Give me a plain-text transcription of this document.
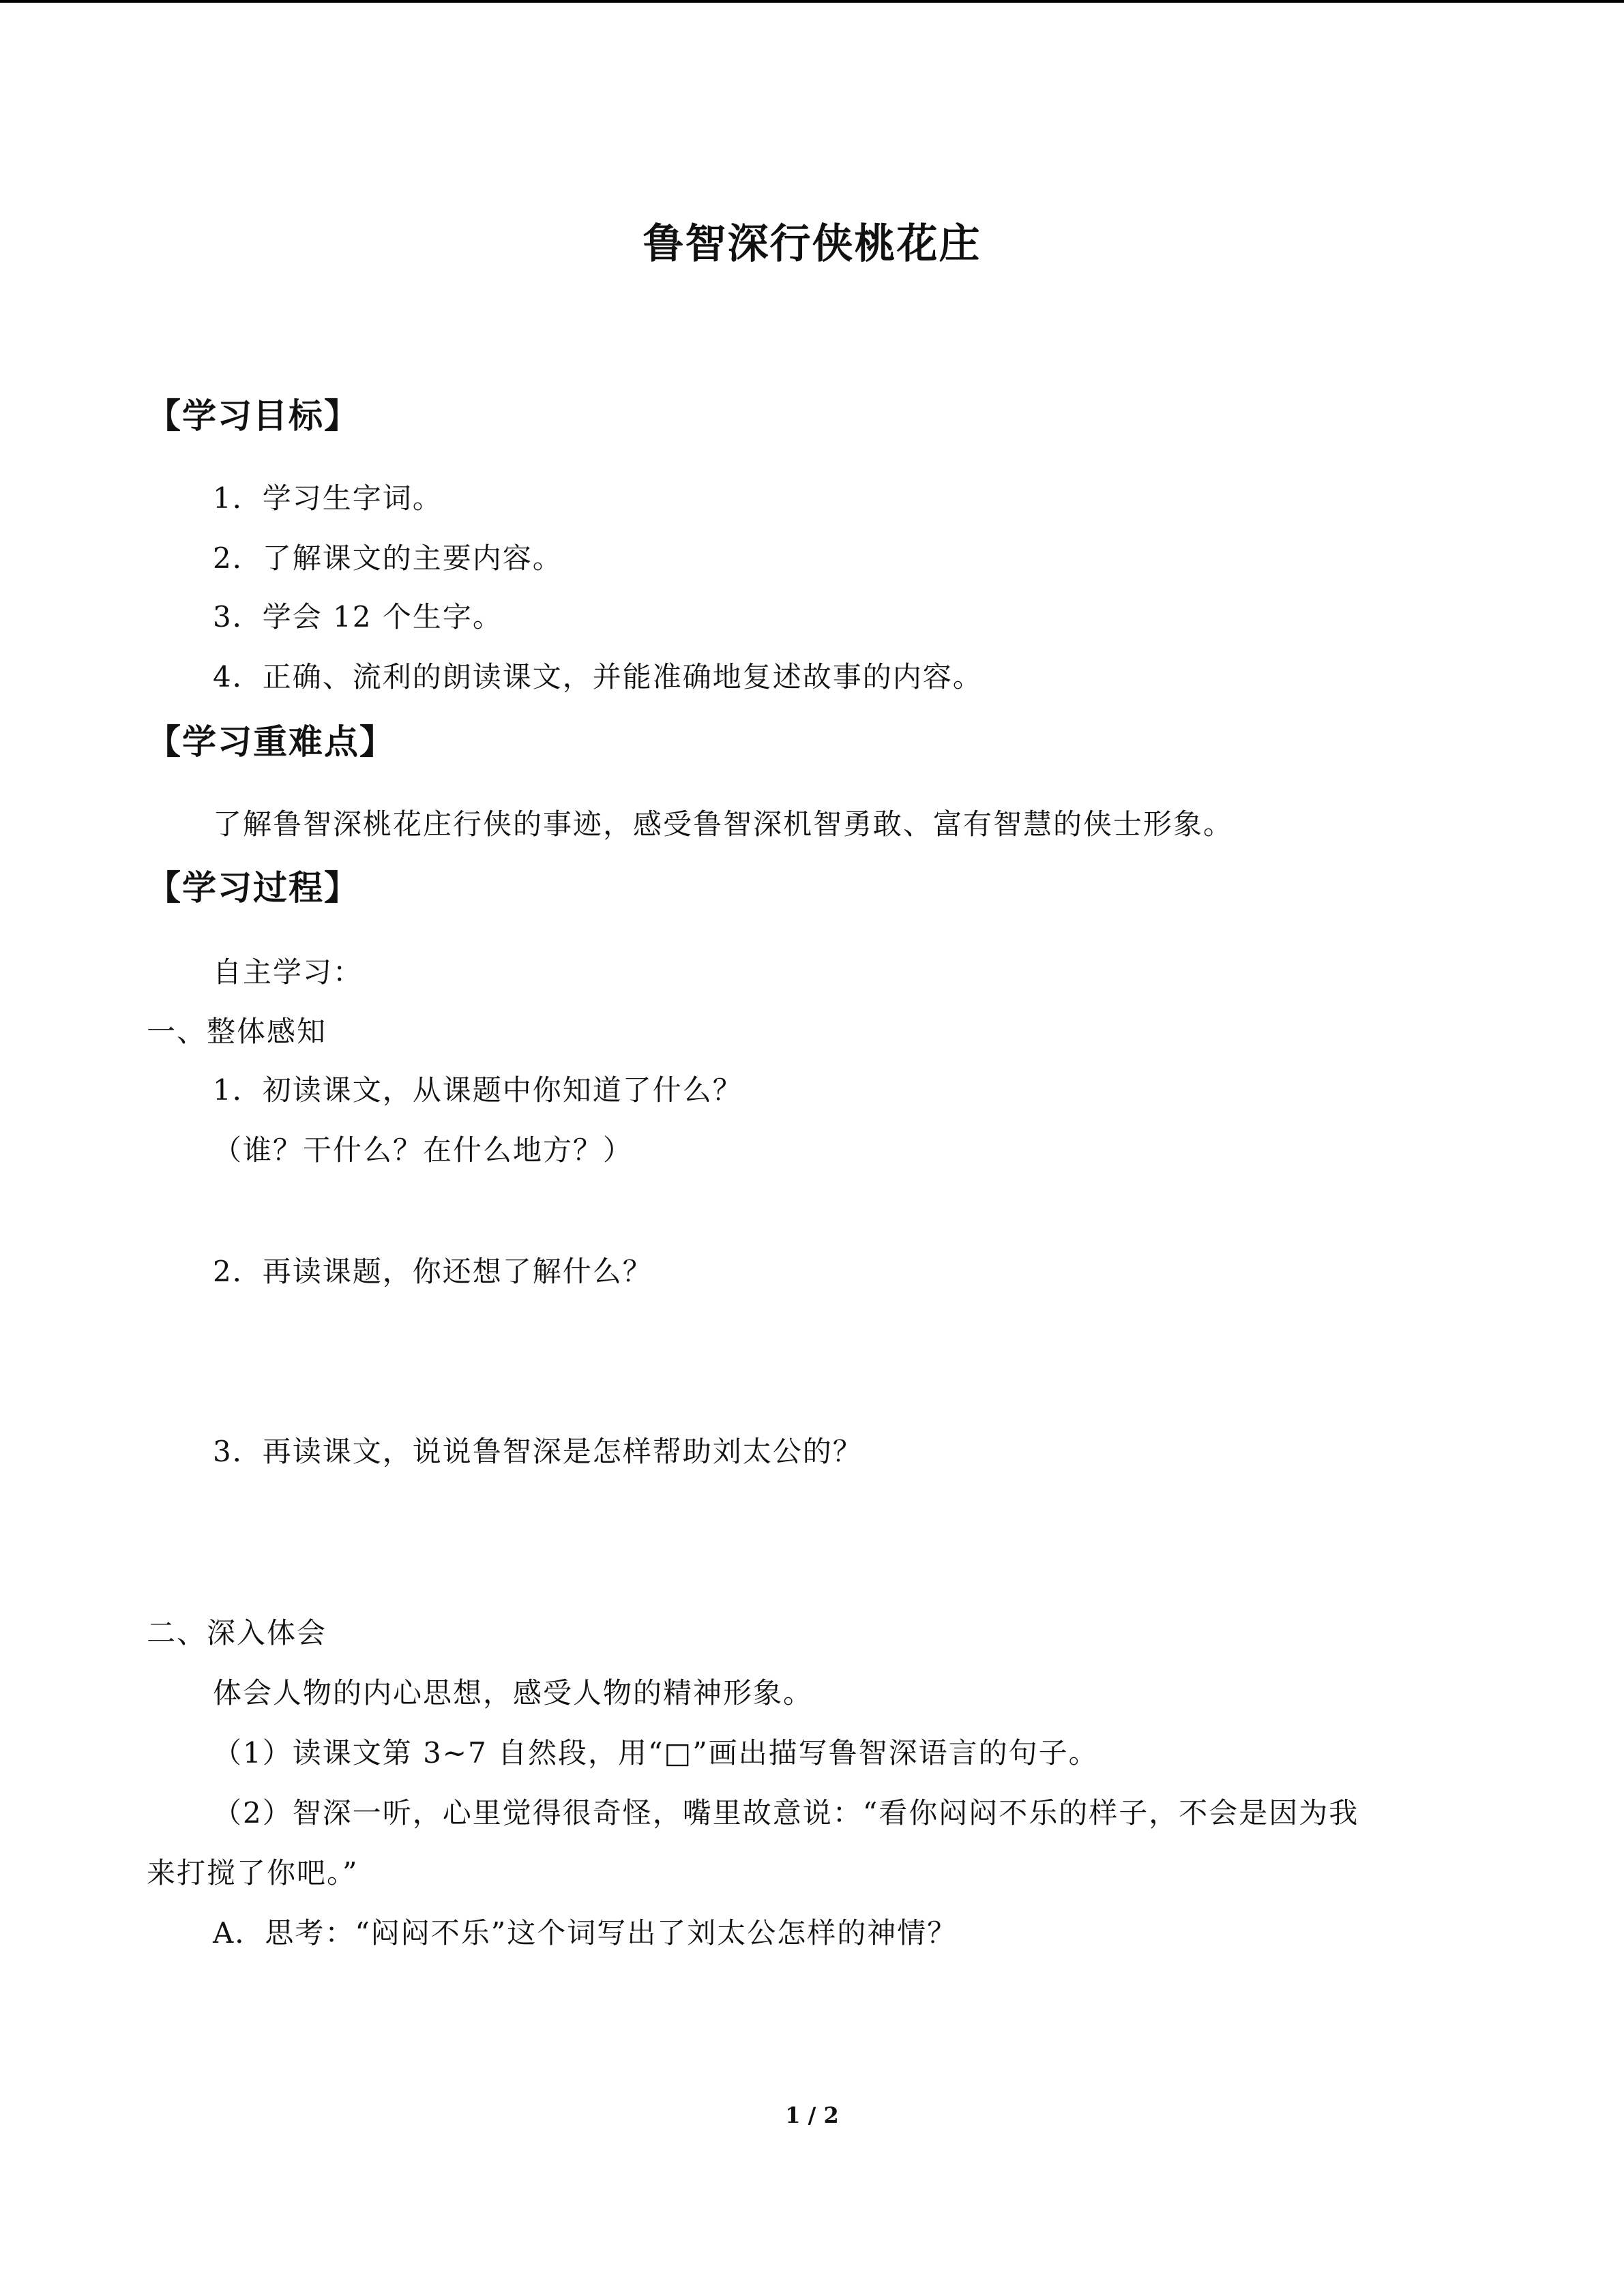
鲁智深行侠桃花庄
【学习目标】
1．学习生字词。
2．了解课文的主要内容。
3．学会 12 个生字。
4．正确、流利的朗读课文，并能准确地复述故事的内容。
【学习重难点】
了解鲁智深桃花庄行侠的事迹，感受鲁智深机智勇敢、富有智慧的侠士形象。
【学习过程】
自主学习：
一、整体感知
1．初读课文，从课题中你知道了什么？
（谁？干什么？在什么地方？）
2．再读课题，你还想了解什么？
3．再读课文，说说鲁智深是怎样帮助刘太公的？
二、深入体会
体会人物的内心思想，感受人物的精神形象。
（1）读课文第 3~7 自然段，用“□”画出描写鲁智深语言的句子。
（2）智深一听，心里觉得很奇怪，嘴里故意说：“看你闷闷不乐的样子，不会是因为我
来打搅了你吧。”
A．思考：“闷闷不乐”这个词写出了刘太公怎样的神情？
1 / 2
